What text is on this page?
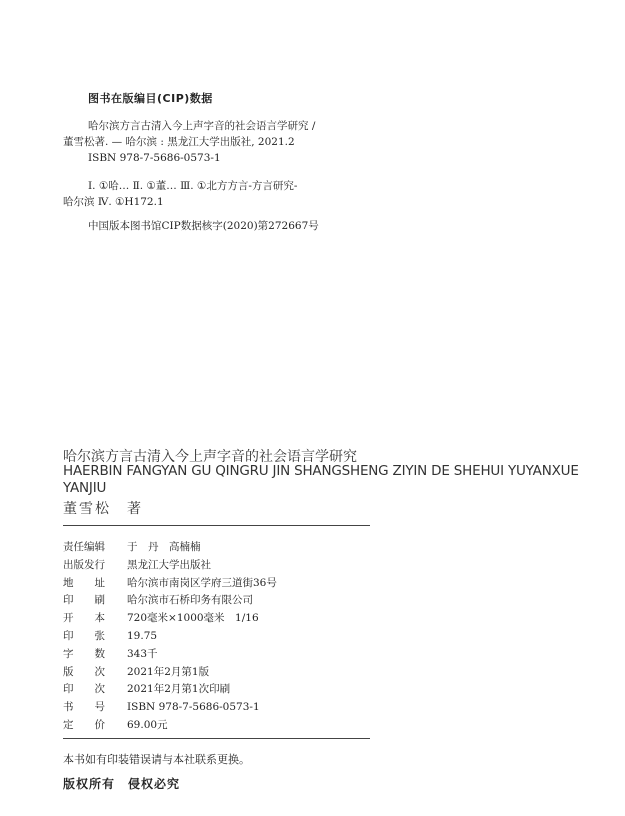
图书在版编目(CIP)数据
哈尔滨方言古清入今上声字音的社会语言学研究 /
董雪松著. — 哈尔滨 : 黑龙江大学出版社, 2021.2
ISBN 978-7-5686-0573-1
Ⅰ. ①哈… Ⅱ. ①董… Ⅲ. ①北方方言-方言研究-
哈尔滨 Ⅳ. ①H172.1
中国版本图书馆CIP数据核字(2020)第272667号
哈尔滨方言古清入今上声字音的社会语言学研究
HAERBIN FANGYAN GU QINGRU JIN SHANGSHENG ZIYIN DE SHEHUI YUYANXUE YANJIU
董雪松　著
责任编辑	于　丹　高楠楠
出版发行	黑龙江大学出版社
地　　址	哈尔滨市南岗区学府三道街36号
印　　刷	哈尔滨市石桥印务有限公司
开　　本	720毫米×1000毫米　1/16
印　　张	19.75
字　　数	343千
版　　次	2021年2月第1版
印　　次	2021年2月第1次印刷
书　　号	ISBN 978-7-5686-0573-1
定　　价	69.00元
本书如有印装错误请与本社联系更换。
版权所有　侵权必究
